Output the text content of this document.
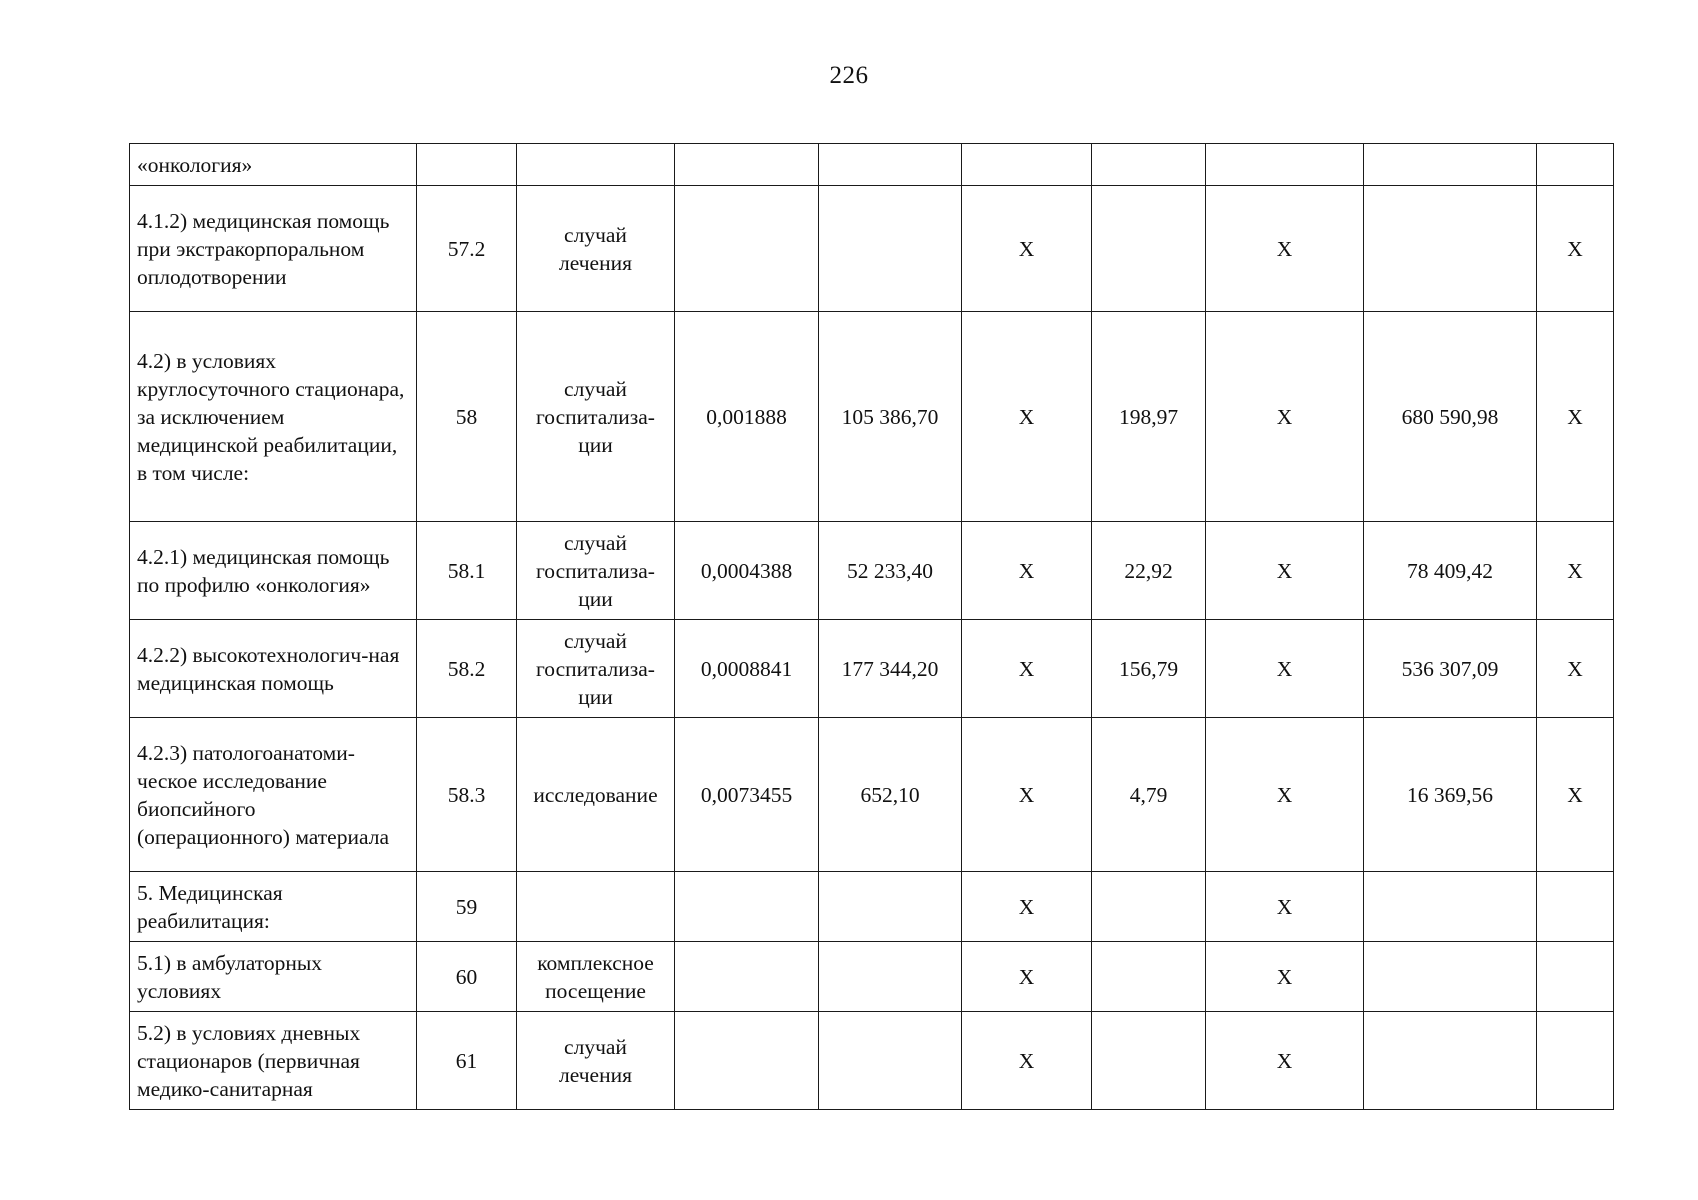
226
«онкология»									
4.1.2) медицинская помощь при экстракорпоральном оплодотворении	57.2	случай
лечения			X		X		X
4.2) в условиях круглосуточного стационара, за исключением медицинской реабилитации, в том числе:	58	случай
госпитализа-
ции	0,001888	105 386,70	X	198,97	X	680 590,98	X
4.2.1) медицинская помощь по профилю «онкология»	58.1	случай
госпитализа-
ции	0,0004388	52 233,40	X	22,92	X	78 409,42	X
4.2.2) высокотехнологич-ная медицинская помощь	58.2	случай
госпитализа-
ции	0,0008841	177 344,20	X	156,79	X	536 307,09	X
4.2.3) патологоанатоми-ческое исследование биопсийного (операционного) материала	58.3	исследование	0,0073455	652,10	X	4,79	X	16 369,56	X
5. Медицинская реабилитация:	59				X		X		
5.1) в амбулаторных условиях	60	комплексное
посещение			X		X		
5.2) в условиях дневных стационаров (первичная медико-санитарная	61	случай
лечения			X		X		
